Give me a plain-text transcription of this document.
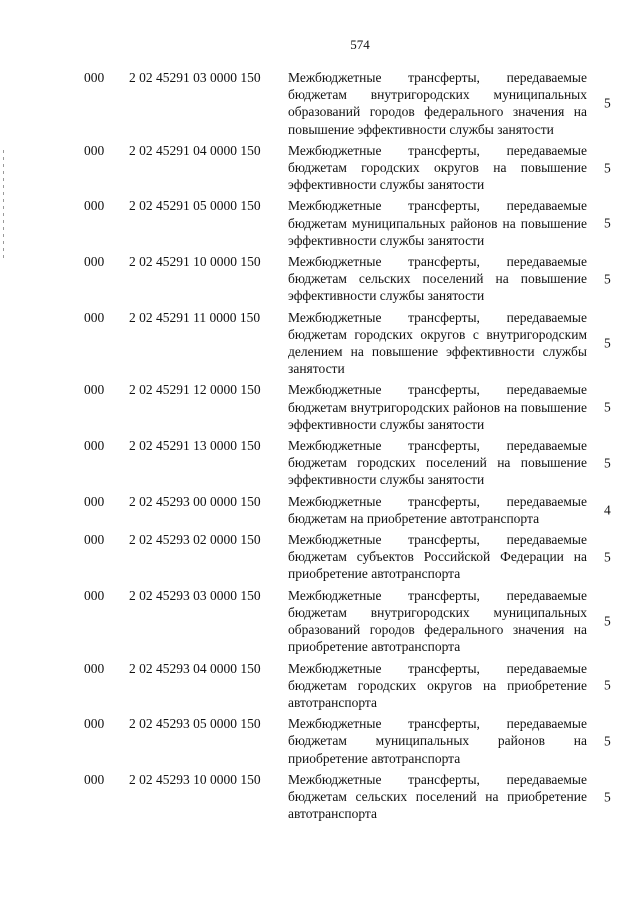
574
000 2 02 45291 03 0000 150 Межбюджетные трансферты, передаваемые бюджетам внутригородских муниципальных образований городов федерального значения на повышение эффективности службы занятости
5
000 2 02 45291 04 0000 150 Межбюджетные трансферты, передаваемые бюджетам городских округов на повышение эффективности службы занятости
5
000 2 02 45291 05 0000 150 Межбюджетные трансферты, передаваемые бюджетам муниципальных районов на повышение эффективности службы занятости
5
000 2 02 45291 10 0000 150 Межбюджетные трансферты, передаваемые бюджетам сельских поселений на повышение эффективности службы занятости
5
000 2 02 45291 11 0000 150 Межбюджетные трансферты, передаваемые бюджетам городских округов с внутригородским делением на повышение эффективности службы занятости
5
000 2 02 45291 12 0000 150 Межбюджетные трансферты, передаваемые бюджетам внутригородских районов на повышение эффективности службы занятости
5
000 2 02 45291 13 0000 150 Межбюджетные трансферты, передаваемые бюджетам городских поселений на повышение эффективности службы занятости
5
000 2 02 45293 00 0000 150 Межбюджетные трансферты, передаваемые бюджетам на приобретение автотранспорта
4
000 2 02 45293 02 0000 150 Межбюджетные трансферты, передаваемые бюджетам субъектов Российской Федерации на приобретение автотранспорта
5
000 2 02 45293 03 0000 150 Межбюджетные трансферты, передаваемые бюджетам внутригородских муниципальных образований городов федерального значения на приобретение автотранспорта
5
000 2 02 45293 04 0000 150 Межбюджетные трансферты, передаваемые бюджетам городских округов на приобретение автотранспорта
5
000 2 02 45293 05 0000 150 Межбюджетные трансферты, передаваемые бюджетам муниципальных районов на приобретение автотранспорта
5
000 2 02 45293 10 0000 150 Межбюджетные трансферты, передаваемые бюджетам сельских поселений на приобретение автотранспорта
5
